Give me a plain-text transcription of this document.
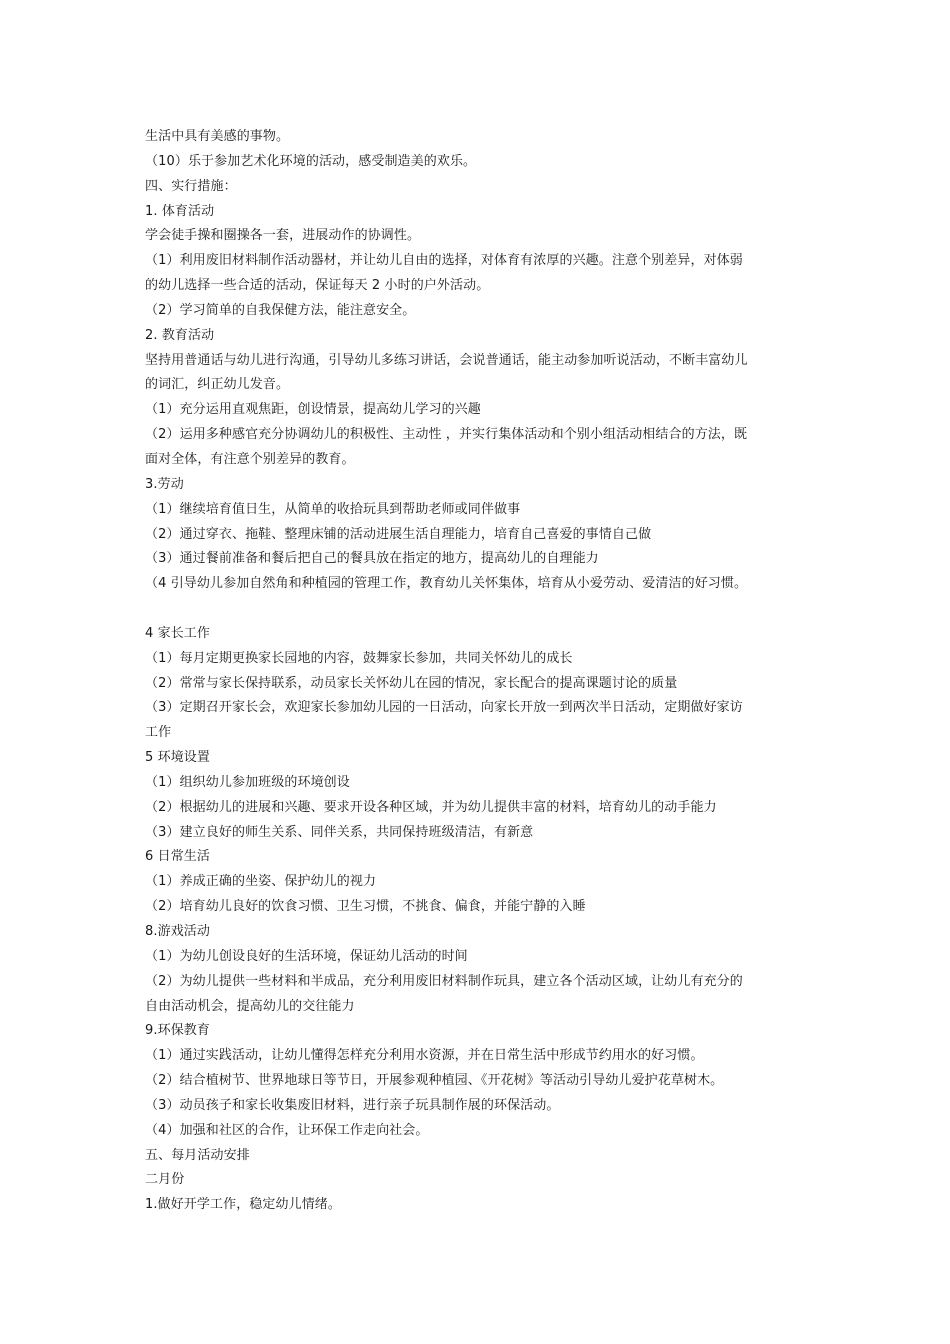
生活中具有美感的事物。
（10）乐于参加艺术化环境的活动，感受制造美的欢乐。
四、实行措施：
1. 体育活动
学会徒手操和圈操各一套，进展动作的协调性。
（1）利用废旧材料制作活动器材，并让幼儿自由的选择，对体育有浓厚的兴趣。注意个别差异，对体弱
的幼儿选择一些合适的活动，保证每天 2 小时的户外活动。
（2）学习简单的自我保健方法，能注意安全。
2. 教育活动
坚持用普通话与幼儿进行沟通，引导幼儿多练习讲话，会说普通话，能主动参加听说活动，不断丰富幼儿
的词汇，纠正幼儿发音。
（1）充分运用直观焦距，创设情景，提高幼儿学习的兴趣
（2）运用多种感官充分协调幼儿的积极性、主动性 ，并实行集体活动和个别小组活动相结合的方法，既
面对全体，有注意个别差异的教育。
3.劳动
（1）继续培育值日生，从简单的收拾玩具到帮助老师或同伴做事
（2）通过穿衣、拖鞋、整理床铺的活动进展生活自理能力，培育自己喜爱的事情自己做
（3）通过餐前准备和餐后把自己的餐具放在指定的地方，提高幼儿的自理能力
（4 引导幼儿参加自然角和种植园的管理工作，教育幼儿关怀集体，培育从小爱劳动、爱清洁的好习惯。
4 家长工作
（1）每月定期更换家长园地的内容，鼓舞家长参加，共同关怀幼儿的成长
（2）常常与家长保持联系，动员家长关怀幼儿在园的情况，家长配合的提高课题讨论的质量
（3）定期召开家长会，欢迎家长参加幼儿园的一日活动，向家长开放一到两次半日活动，定期做好家访
工作
5 环境设置
（1）组织幼儿参加班级的环境创设
（2）根据幼儿的进展和兴趣、要求开设各种区域，并为幼儿提供丰富的材料，培育幼儿的动手能力
（3）建立良好的师生关系、同伴关系，共同保持班级清洁，有新意
6 日常生活
（1）养成正确的坐姿、保护幼儿的视力
（2）培育幼儿良好的饮食习惯、卫生习惯，不挑食、偏食，并能宁静的入睡
8.游戏活动
（1）为幼儿创设良好的生活环境，保证幼儿活动的时间
（2）为幼儿提供一些材料和半成品，充分利用废旧材料制作玩具，建立各个活动区域，让幼儿有充分的
自由活动机会，提高幼儿的交往能力
9.环保教育
（1）通过实践活动，让幼儿懂得怎样充分利用水资源，并在日常生活中形成节约用水的好习惯。
（2）结合植树节、世界地球日等节日，开展参观种植园、《开花树》等活动引导幼儿爱护花草树木。
（3）动员孩子和家长收集废旧材料，进行亲子玩具制作展的环保活动。
（4）加强和社区的合作，让环保工作走向社会。
五、每月活动安排
二月份
1.做好开学工作，稳定幼儿情绪。
